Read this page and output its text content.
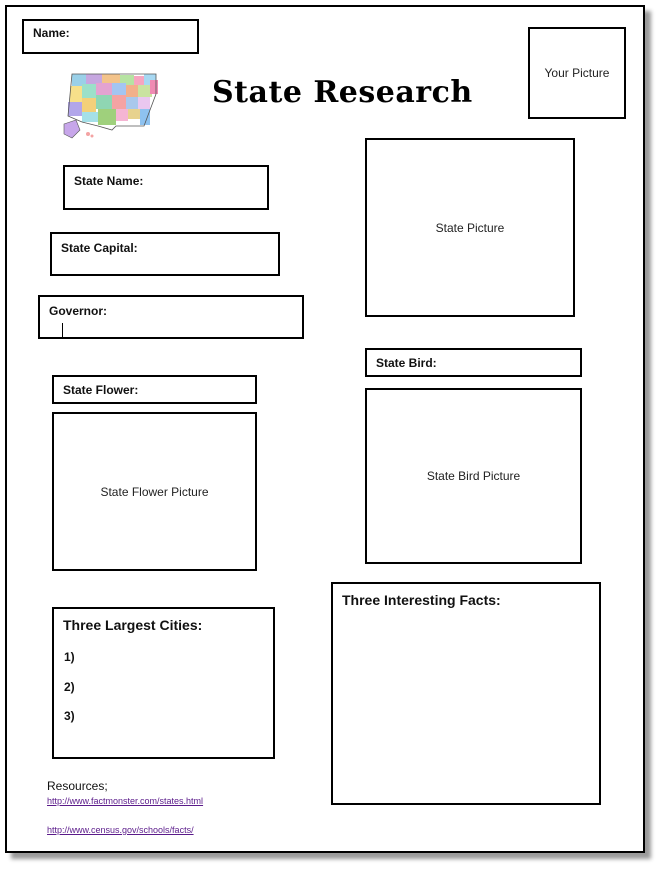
Name:
Your Picture
State Research
State Name:
State Picture
State Capital:
Governor:
State Bird:
State Flower:
State Flower Picture
State Bird Picture
Three Largest Cities:
1)
2)
3)
Three Interesting Facts:
Resources;
http://www.factmonster.com/states.html
http://www.census.gov/schools/facts/
